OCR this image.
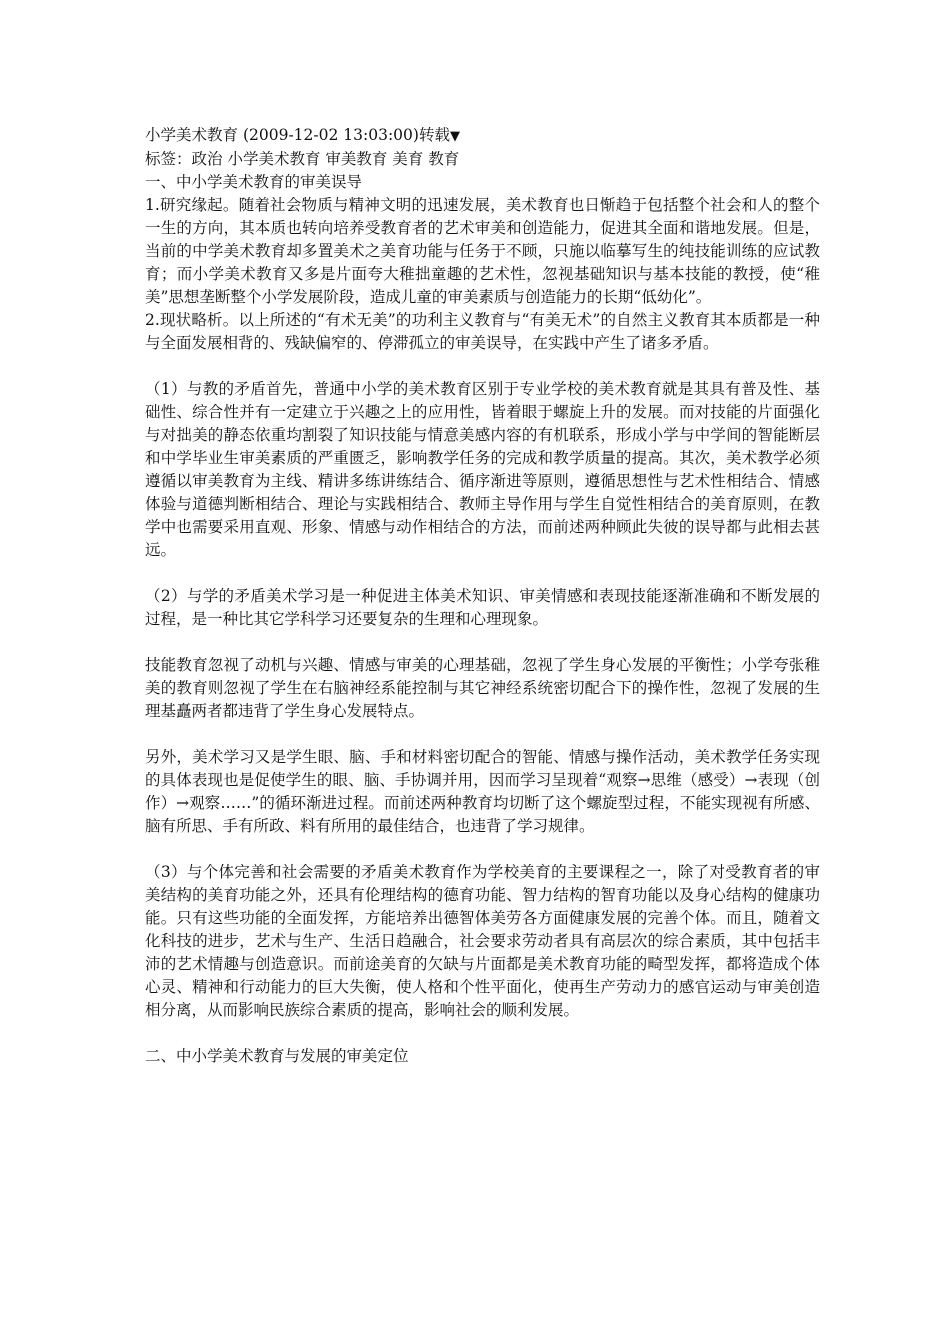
小学美术教育 (2009-12-02 13:03:00)转载▼

标签：政治 小学美术教育 审美教育 美育 教育

一、中小学美术教育的审美误导

1.研究缘起。随着社会物质与精神文明的迅速发展，美术教育也日惭趋于包括整个社会和人的整个一生的方向，其本质也转向培养受教育者的艺术审美和创造能力，促进其全面和谐地发展。但是，当前的中学美术教育却多置美术之美育功能与任务于不顾，只施以临摹写生的纯技能训练的应试教育；而小学美术教育又多是片面夸大稚拙童趣的艺术性，忽视基础知识与基本技能的教授，使“稚美”思想垄断整个小学发展阶段，造成儿童的审美素质与创造能力的长期“低幼化”。

2.现状略析。以上所述的“有术无美”的功利主义教育与“有美无术”的自然主义教育其本质都是一种与全面发展相背的、残缺偏窄的、停滞孤立的审美误导，在实践中产生了诸多矛盾。

（1）与教的矛盾首先，普通中小学的美术教育区别于专业学校的美术教育就是其具有普及性、基础性、综合性并有一定建立于兴趣之上的应用性，皆着眼于螺旋上升的发展。而对技能的片面强化与对拙美的静态依重均割裂了知识技能与情意美感内容的有机联系，形成小学与中学间的智能断层和中学毕业生审美素质的严重匮乏，影响教学任务的完成和教学质量的提高。其次，美术教学必须遵循以审美教育为主线、精讲多练讲练结合、循序渐进等原则，遵循思想性与艺术性相结合、情感体验与道德判断相结合、理论与实践相结合、教师主导作用与学生自觉性相结合的美育原则，在教学中也需要采用直观、形象、情感与动作相结合的方法，而前述两种顾此失彼的误导都与此相去甚远。

（2）与学的矛盾美术学习是一种促进主体美术知识、审美情感和表现技能逐渐准确和不断发展的过程，是一种比其它学科学习还要复杂的生理和心理现象。

技能教育忽视了动机与兴趣、情感与审美的心理基础，忽视了学生身心发展的平衡性；小学夸张稚美的教育则忽视了学生在右脑神经系能控制与其它神经系统密切配合下的操作性，忽视了发展的生理基矗两者都违背了学生身心发展特点。

另外，美术学习又是学生眼、脑、手和材料密切配合的智能、情感与操作活动，美术教学任务实现的具体表现也是促使学生的眼、脑、手协调并用，因而学习呈现着“观察→思维（感受）→表现（创作）→观察……”的循环渐进过程。而前述两种教育均切断了这个螺旋型过程，不能实现视有所感、脑有所思、手有所政、料有所用的最佳结合，也违背了学习规律。

（3）与个体完善和社会需要的矛盾美术教育作为学校美育的主要课程之一，除了对受教育者的审美结构的美育功能之外，还具有伦理结构的德育功能、智力结构的智育功能以及身心结构的健康功能。只有这些功能的全面发挥，方能培养出德智体美劳各方面健康发展的完善个体。而且，随着文化科技的进步，艺术与生产、生活日趋融合，社会要求劳动者具有高层次的综合素质，其中包括丰沛的艺术情趣与创造意识。而前途美育的欠缺与片面都是美术教育功能的畸型发挥，都将造成个体心灵、精神和行动能力的巨大失衡，使人格和个性平面化，使再生产劳动力的感官运动与审美创造相分离，从而影响民族综合素质的提高，影响社会的顺利发展。

二、中小学美术教育与发展的审美定位
